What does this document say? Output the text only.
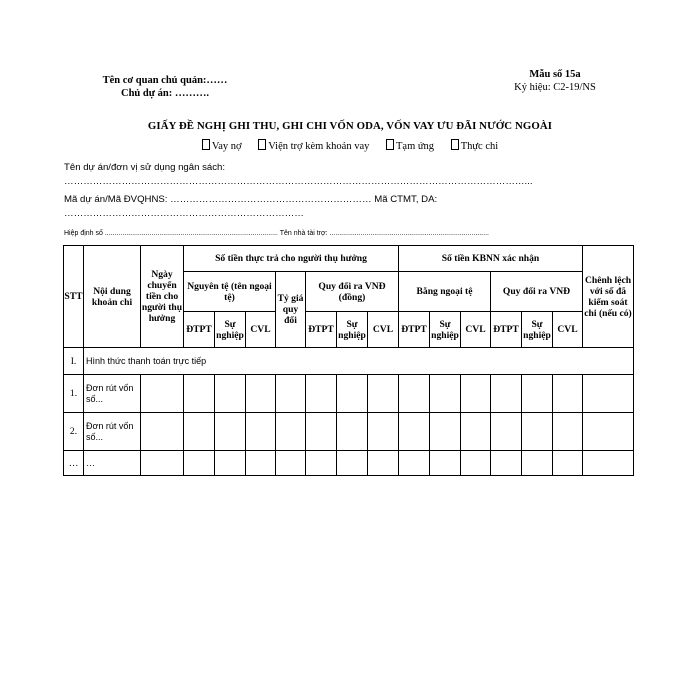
Tên cơ quan chủ quản:……
Chủ dự án: ……….
Mẫu số 15a
Ký hiệu: C2-19/NS
GIẤY ĐỀ NGHỊ GHI THU, GHI CHI VỐN ODA, VỐN VAY ƯU ĐÃI NƯỚC NGOÀI
Vay nợ	Viện trợ kèm khoản vay	Tạm ứng	Thực chi
Tên dự án/đơn vị sử dụng ngân sách:
………………………………………………………………………………………………………………………………...
Mã dự án/Mã ĐVQHNS: ……………………………………………………… Mã CTMT, DA:
…………………………………………………………………
Hiệp định số ......................................................................................... Tên nhà tài trợ: ..................................................................................
STT	Nội dung khoản chi	Ngày chuyển tiền cho người thụ hưởng	Số tiền thực trả cho người thụ hưởng							Số tiền KBNN xác nhận						Chênh lệch với số đã kiểm soát chi (nếu có)
			Nguyên tệ (tên ngoại tệ)			Tỷ giá quy đổi	Quy đổi ra VNĐ (đồng)			Bằng ngoại tệ			Quy đổi ra VNĐ			
			ĐTPT	Sự nghiệp	CVL		ĐTPT	Sự nghiệp	CVL	ĐTPT	Sự nghiệp	CVL	ĐTPT	Sự nghiệp	CVL	
I.	Hình thức thanh toán trực tiếp															
1.	Đơn rút vốn số...															
2.	Đơn rút vốn số...															
…	…															
